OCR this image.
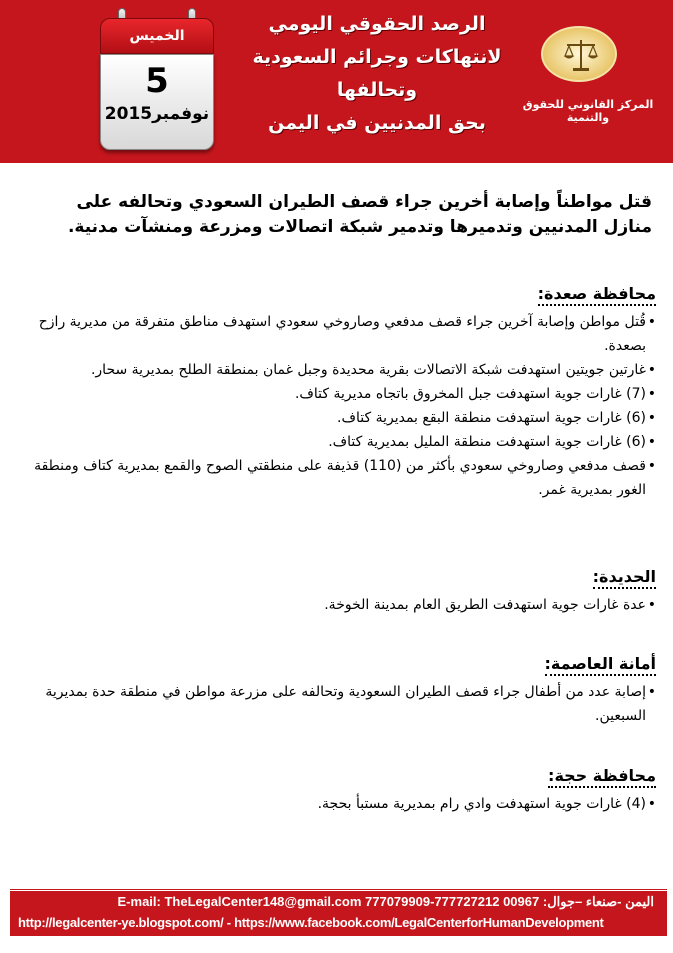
الخميس
5
نوفمبر2015
الرصد الحقوقي اليومي
لانتهاكات وجرائم السعودية وتحالفها
بحق المدنيين في اليمن
المركز القانوني للحقوق والتنمية
قتل مواطناً وإصابة أخرين جراء قصف الطيران السعودي وتحالفه على منازل المدنيين وتدميرها وتدمير شبكة اتصالات ومزرعة ومنشآت مدنية.
محافظة صعدة:
• قُتل مواطن وإصابة آخرين جراء قصف مدفعي وصاروخي سعودي استهدف مناطق متفرقة من مديرية رازح بصعدة.
• غارتين جويتين استهدفت شبكة الاتصالات بقرية محديدة وجبل غمان بمنطقة الطلح بمديرية سحار.
• (7) غارات جوية استهدفت جبل المخروق باتجاه مديرية كتاف.
• (6) غارات جوية استهدفت منطقة البقع بمديرية كتاف.
• (6) غارات جوية استهدفت منطقة المليل بمديرية كتاف.
• قصف مدفعي وصاروخي سعودي بأكثر من (110) قذيفة على منطقتي الصوح والقمع بمديرية كتاف ومنطقة الغور بمديرية غمر.
الحديدة:
• عدة غارات جوية استهدفت الطريق العام بمدينة الخوخة.
أمانة العاصمة:
• إصابة عدد من أطفال جراء قصف الطيران السعودية وتحالفه على مزرعة مواطن في منطقة حدة بمديرية السبعين.
محافظة حجة:
• (4) غارات جوية استهدفت وادي رام بمديرية مستبأ بحجة.
E-mail: TheLegalCenter148@gmail.com 777079909-777727212 00967 اليمن -صنعاء –جوال:
http://legalcenter-ye.blogspot.com/ - https://www.facebook.com/LegalCenterforHumanDevelopment
